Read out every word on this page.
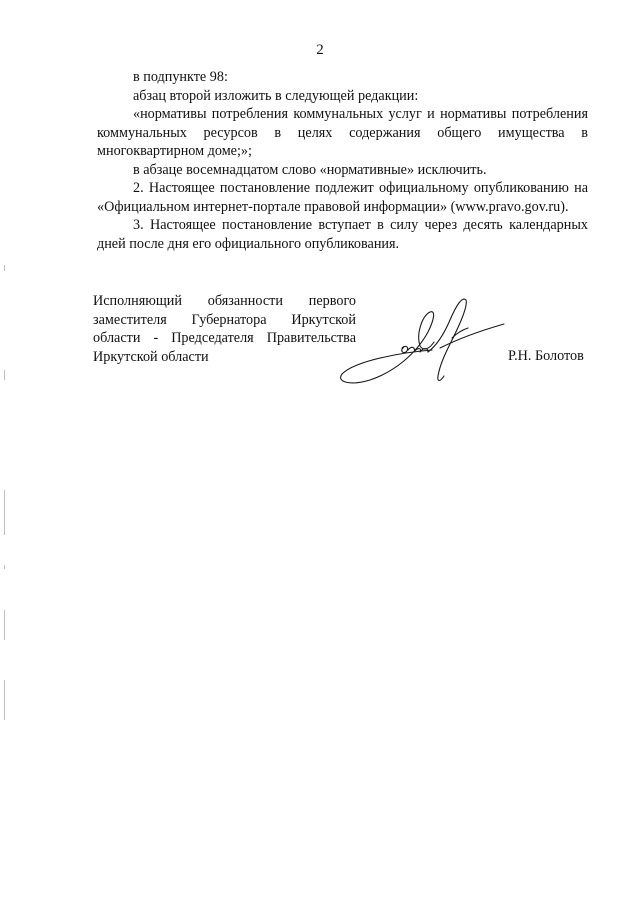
2

в подпункте 98:

абзац второй изложить в следующей редакции:

«нормативы потребления коммунальных услуг и нормативы потребления коммунальных ресурсов в целях содержания общего имущества в многоквартирном доме;»;

в абзаце восемнадцатом слово «нормативные» исключить.

2. Настоящее постановление подлежит официальному опубликованию на «Официальном интернет-портале правовой информации» (www.pravo.gov.ru).

3. Настоящее постановление вступает в силу через десять календарных дней после дня его официального опубликования.

Исполняющий обязанности первого
заместителя Губернатора Иркутской
области - Председателя Правительства
Иркутской области	Р.Н. Болотов
